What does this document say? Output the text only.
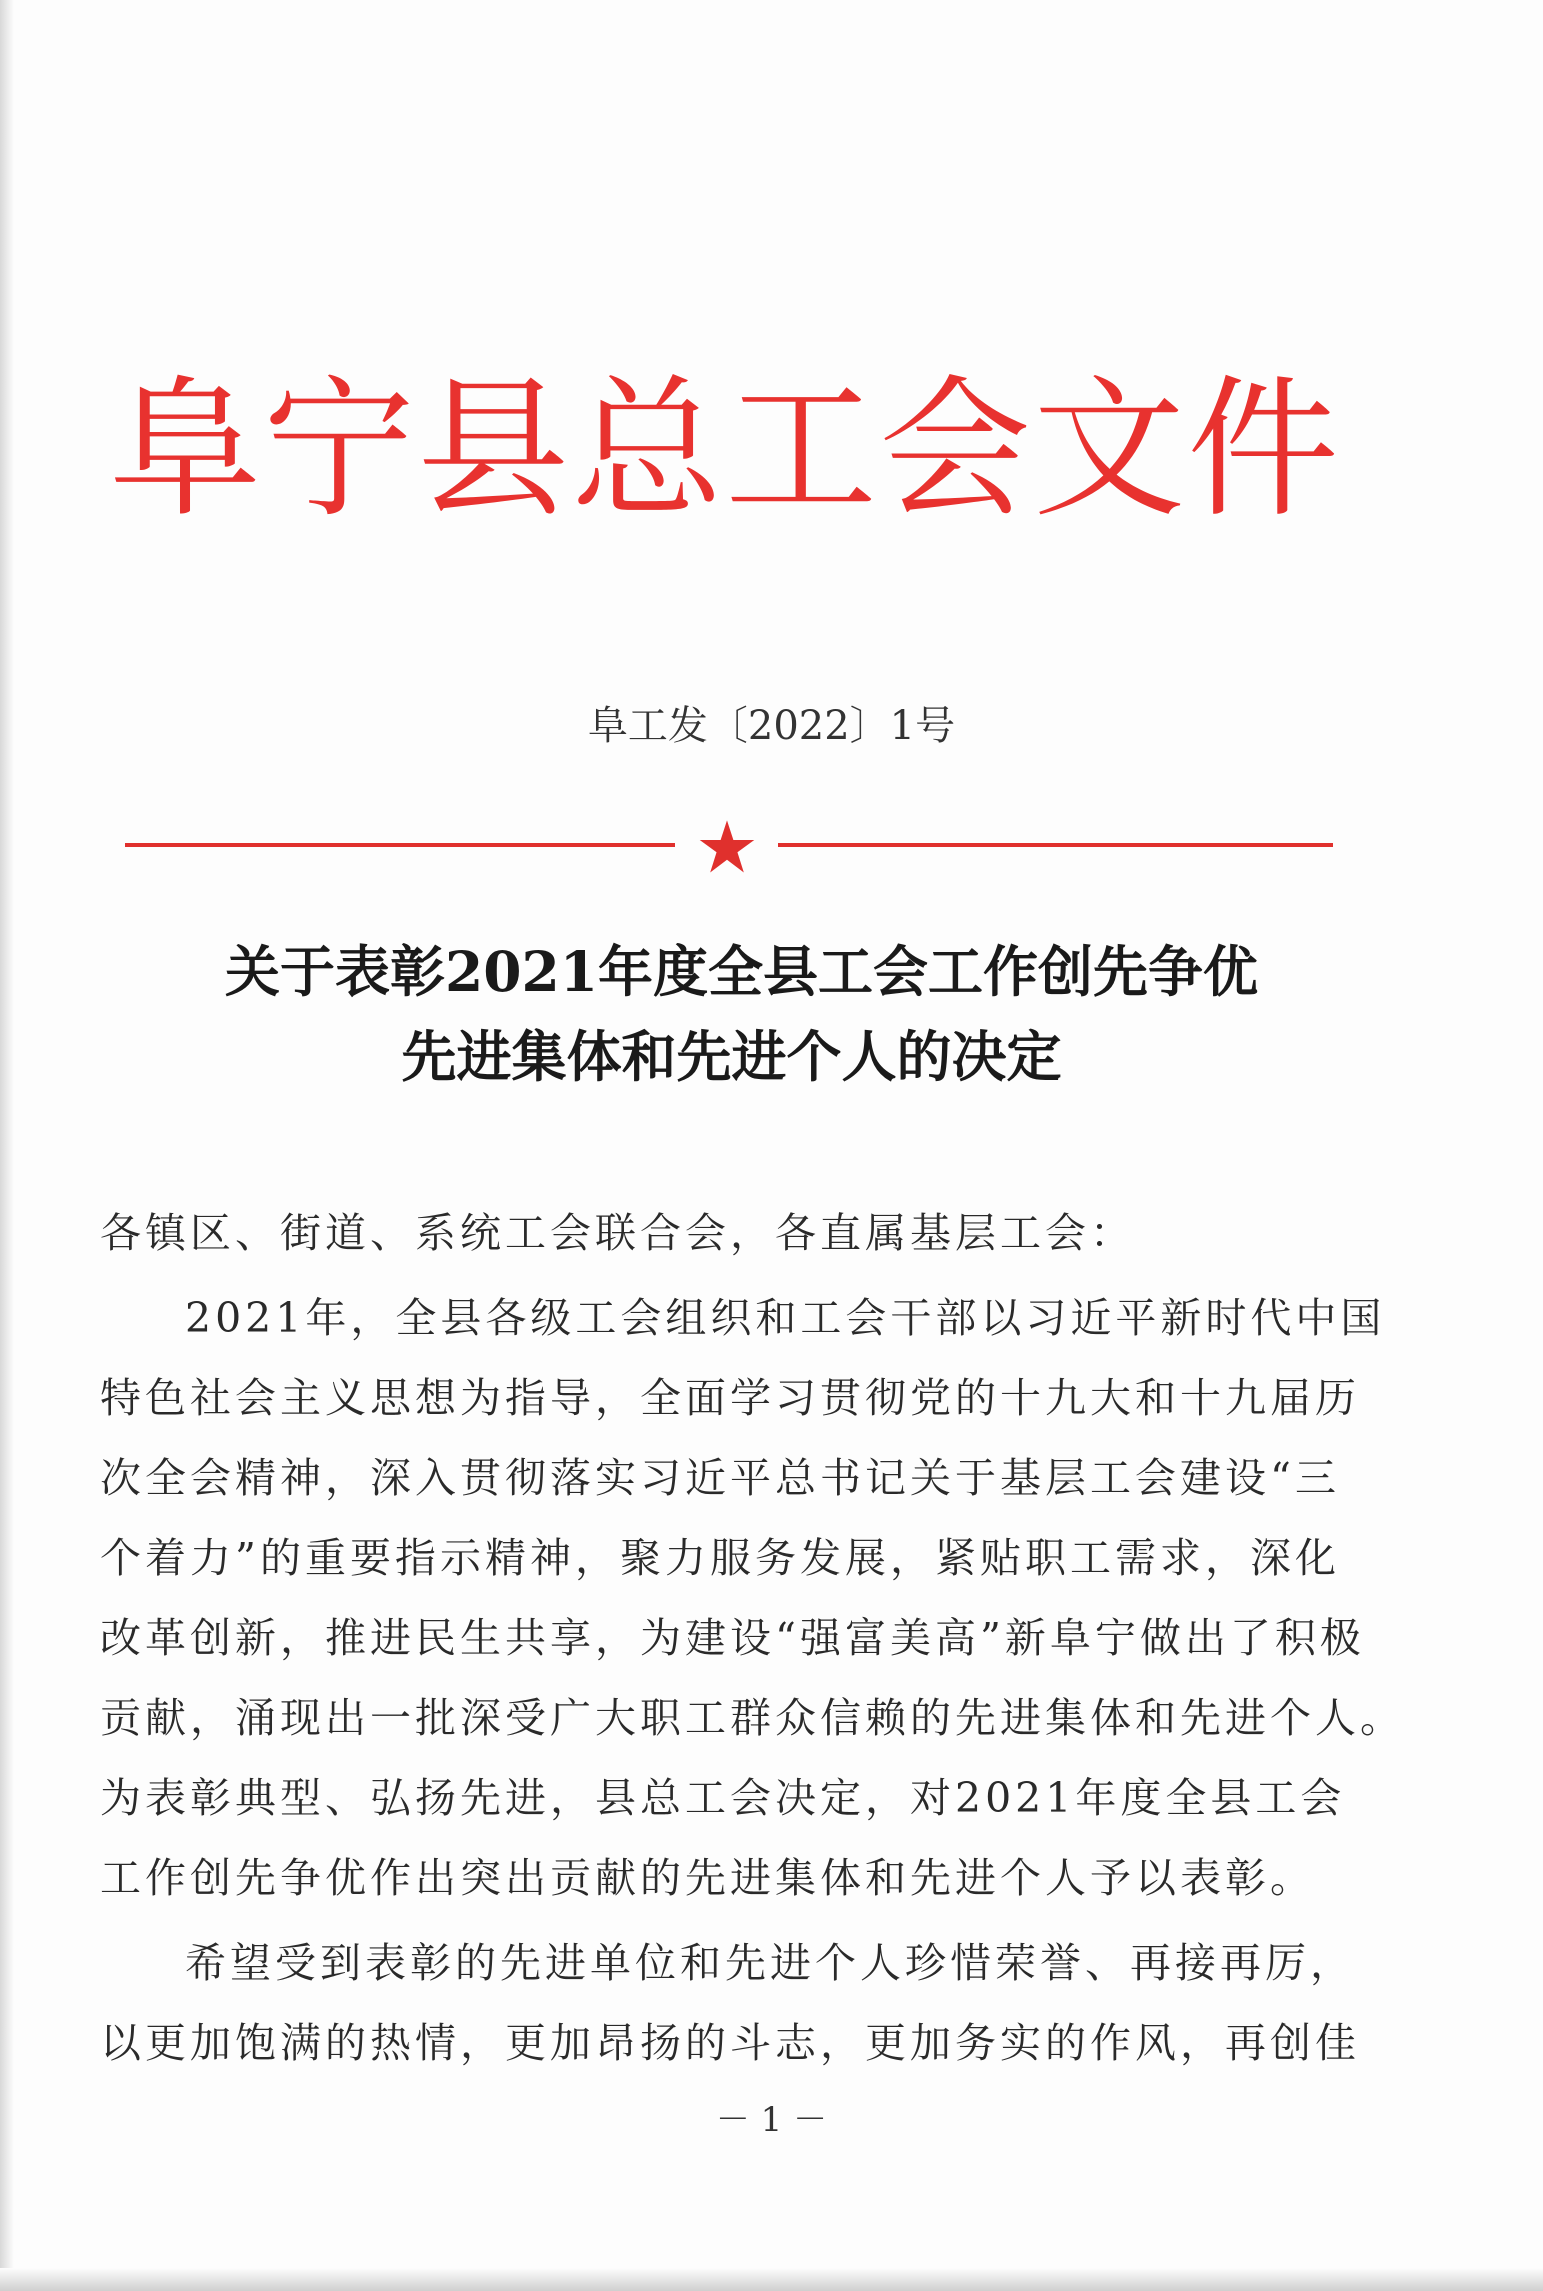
阜宁县总工会文件
阜工发〔2022〕1号
关于表彰2021年度全县工会工作创先争优
先进集体和先进个人的决定
各镇区、街道、系统工会联合会，各直属基层工会：
2021年，全县各级工会组织和工会干部以习近平新时代中国
特色社会主义思想为指导，全面学习贯彻党的十九大和十九届历
次全会精神，深入贯彻落实习近平总书记关于基层工会建设“三
个着力”的重要指示精神，聚力服务发展，紧贴职工需求，深化
改革创新，推进民生共享，为建设“强富美高”新阜宁做出了积极
贡献，涌现出一批深受广大职工群众信赖的先进集体和先进个人。
为表彰典型、弘扬先进，县总工会决定，对2021年度全县工会
工作创先争优作出突出贡献的先进集体和先进个人予以表彰。
希望受到表彰的先进单位和先进个人珍惜荣誉、再接再厉，
以更加饱满的热情，更加昂扬的斗志，更加务实的作风，再创佳
－ 1 －
